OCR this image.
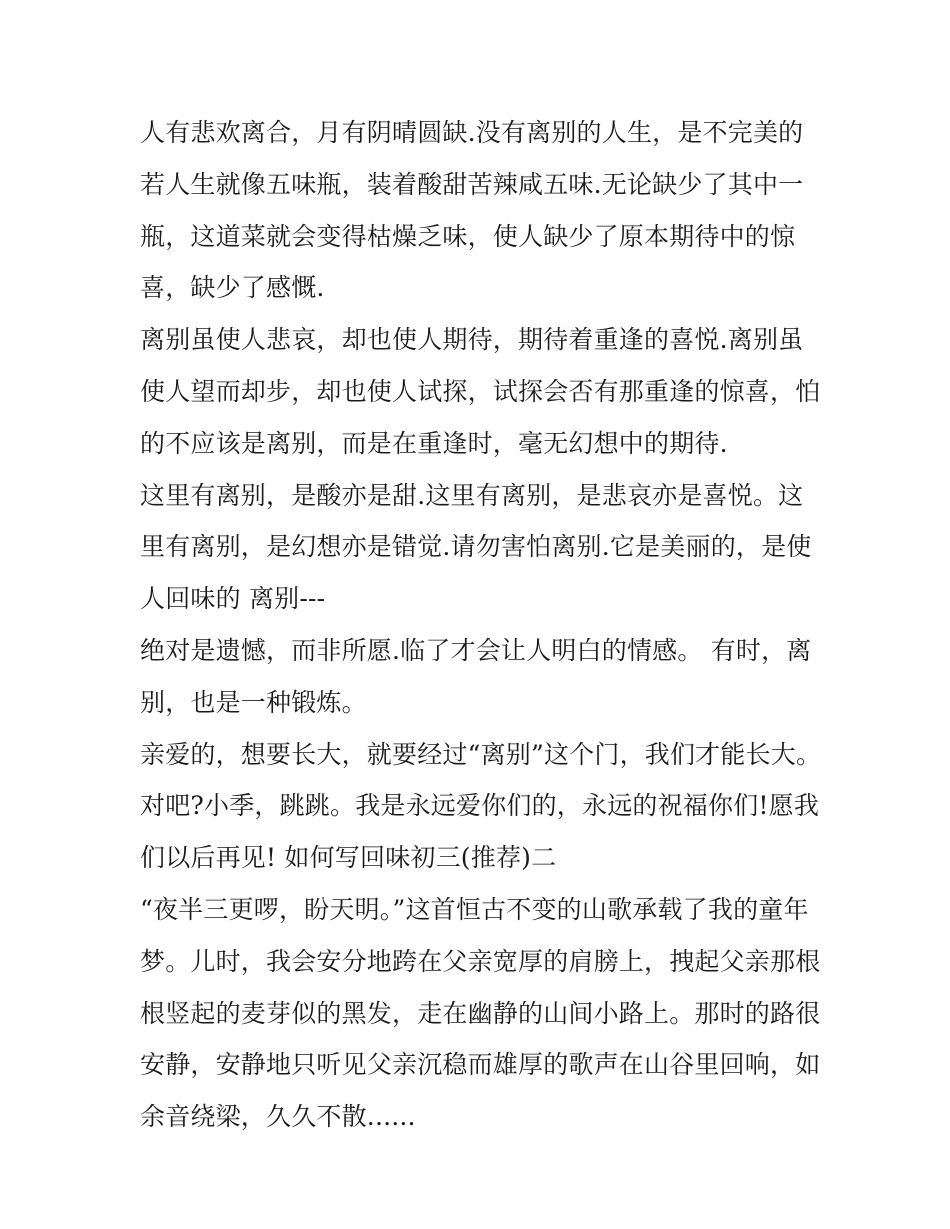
人有悲欢离合，月有阴晴圆缺.没有离别的人生，是不完美的
若人生就像五味瓶，装着酸甜苦辣咸五味.无论缺少了其中一
瓶，这道菜就会变得枯燥乏味，使人缺少了原本期待中的惊
喜，缺少了感慨.
离别虽使人悲哀，却也使人期待，期待着重逢的喜悦.离别虽
使人望而却步，却也使人试探，试探会否有那重逢的惊喜，怕
的不应该是离别，而是在重逢时，毫无幻想中的期待.
这里有离别，是酸亦是甜.这里有离别，是悲哀亦是喜悦。这
里有离别，是幻想亦是错觉.请勿害怕离别.它是美丽的，是使
人回味的 离别---
绝对是遗憾，而非所愿.临了才会让人明白的情感。 有时，离
别，也是一种锻炼。
亲爱的，想要长大，就要经过“离别”这个门，我们才能长大。
对吧?小季，跳跳。我是永远爱你们的，永远的祝福你们!愿我
们以后再见! 如何写回味初三(推荐)二
“夜半三更啰，盼天明。”这首恒古不变的山歌承载了我的童年
梦。儿时，我会安分地跨在父亲宽厚的肩膀上，拽起父亲那根
根竖起的麦芽似的黑发，走在幽静的山间小路上。那时的路很
安静，安静地只听见父亲沉稳而雄厚的歌声在山谷里回响，如
余音绕梁，久久不散......
